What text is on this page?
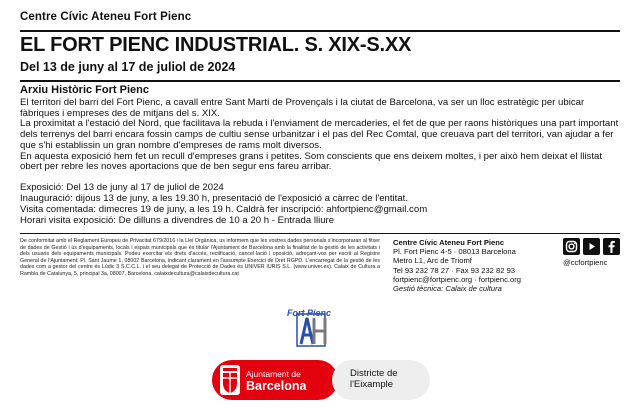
Centre Cívic Ateneu Fort Pienc
EL FORT PIENC INDUSTRIAL. S. XIX-S.XX
Del 13 de juny al 17 de juliol de 2024
Arxiu Històric Fort Pienc

El territori del barri del Fort Pienc, a cavall entre Sant Martí de Provençals i la ciutat de Barcelona, va ser un lloc estratègic per ubicar fàbriques i empreses des de mitjans del s. XIX.

La proximitat a l'estació del Nord, que facilitava la rebuda i l'enviament de mercaderies, el fet de que per raons històriques una part important dels terrenys del barri encara fossin camps de cultiu sense urbanitzar i el pas del Rec Comtal, que creuava part del territori, van ajudar a fer que s'hi establissin un gran nombre d'empreses de rams molt diversos.

En aquesta exposició hem fet un recull d'empreses grans i petites. Som conscients que ens deixem moltes, i per això hem deixat el llistat obert per rebre les noves aportacions que de ben segur ens fareu arribar.

Exposició: Del 13 de juny al 17 de juliol de 2024
Inauguració: dijous 13 de juny, a les 19.30 h, presentació de l'exposició a càrrec de l'entitat.
Visita comentada: dimecres 19 de juny, a les 19 h. Caldrà fer inscripció: ahfortpienc@gmail.com
Horari visita exposició: De dilluns a divendres de 10 a 20 h - Entrada lliure
De conformitat amb el Reglament Europeu de Privacitat 679/2016 i la Llei Orgànica, us informem que les vostres dades personals s'incorporaran al fitxer de dades de Gestió i ús d'equipaments, locals i espais municipals que és titular l'Ajuntament de Barcelona amb la finalitat de la gestió de les activitats i dels usuaris dels equipaments municipals. Podeu exercitar els drets d'accés, rectificació, cancel·lació i oposició, adreçant-vos per escrit al Registre General de l'Ajuntament: Pl. Sant Jaume 1, 08002 Barcelona, indicant clarament en l'assumpte Exercici de Dret RGPD. L'encarregat de la gestió de les dades com a gestor del centre és Lúdic 3 S.C.C.L. i el seu delegat de Protecció de Dades és UNIVER IURIS S.L. (www.univer.es). Calaix de Cultura a Rambla de Catalunya, 5, principal 3a, 08007, Barcelona. calaixdecultura@calaixdecultura.cat
Centre Cívic Ateneu Fort Pienc
Pl. Fort Pienc 4-5 · 08013 Barcelona
Metro L1, Arc de Triomf
Tel 93 232 78 27 · Fax 93 232 82 93
fortpienc@fortpienc.org · fortpienc.org
Gestió tècnica: Calaix de cultura
@ccfortpienc
Fort Pienc
Ajuntament de
Barcelona
Districte de
l'Eixample
